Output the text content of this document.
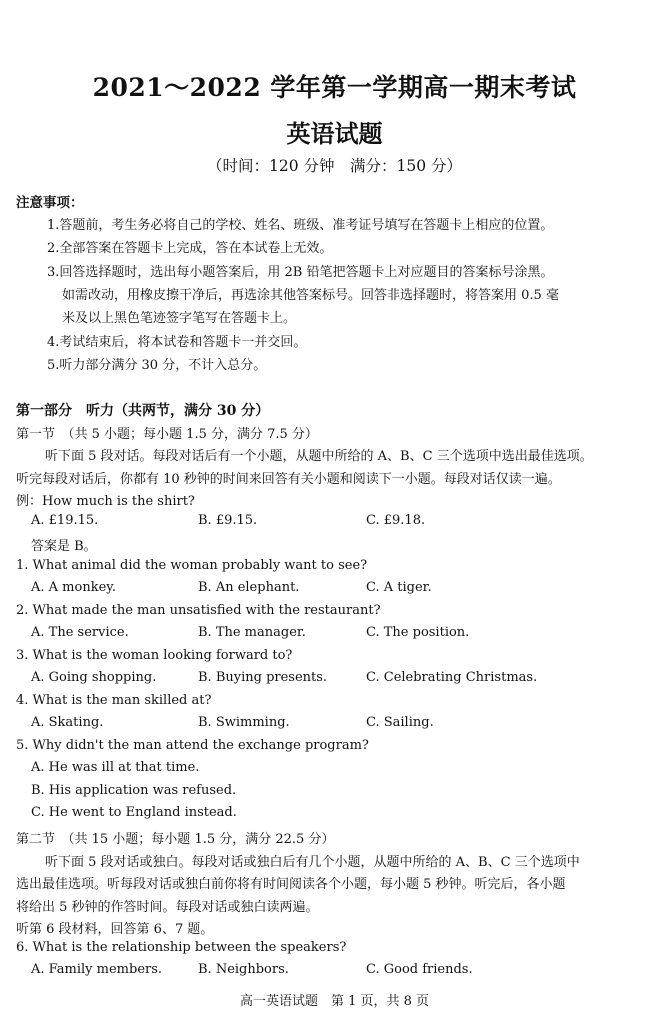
2021～2022 学年第一学期高一期末考试
英语试题
（时间：120 分钟　满分：150 分）
注意事项：
1.答题前，考生务必将自己的学校、姓名、班级、准考证号填写在答题卡上相应的位置。
2.全部答案在答题卡上完成，答在本试卷上无效。
3.回答选择题时，选出每小题答案后，用 2B 铅笔把答题卡上对应题目的答案标号涂黑。
如需改动，用橡皮擦干净后，再选涂其他答案标号。回答非选择题时，将答案用 0.5 毫
米及以上黑色笔迹签字笔写在答题卡上。
4.考试结束后，将本试卷和答题卡一并交回。
5.听力部分满分 30 分，不计入总分。
第一部分　听力（共两节，满分 30 分）
第一节　（共 5 小题；每小题 1.5 分，满分 7.5 分）
听下面 5 段对话。每段对话后有一个小题，从题中所给的 A、B、C 三个选项中选出最佳选项。
听完每段对话后，你都有 10 秒钟的时间来回答有关小题和阅读下一小题。每段对话仅读一遍。
例：How much is the shirt?
A. £19.15.	B. £9.15.	C. £9.18.
答案是 B。
1. What animal did the woman probably want to see?
A. A monkey.	B. An elephant.	C. A tiger.
2. What made the man unsatisfied with the restaurant?
A. The service.	B. The manager.	C. The position.
3. What is the woman looking forward to?
A. Going shopping.	B. Buying presents.	C. Celebrating Christmas.
4. What is the man skilled at?
A. Skating.	B. Swimming.	C. Sailing.
5. Why didn't the man attend the exchange program?
A. He was ill at that time.
B. His application was refused.
C. He went to England instead.
第二节　（共 15 小题；每小题 1.5 分，满分 22.5 分）
听下面 5 段对话或独白。每段对话或独白后有几个小题，从题中所给的 A、B、C 三个选项中
选出最佳选项。听每段对话或独白前你将有时间阅读各个小题，每小题 5 秒钟。听完后，各小题
将给出 5 秒钟的作答时间。每段对话或独白读两遍。
听第 6 段材料，回答第 6、7 题。
6. What is the relationship between the speakers?
A. Family members.	B. Neighbors.	C. Good friends.
高一英语试题　第 1 页，共 8 页
